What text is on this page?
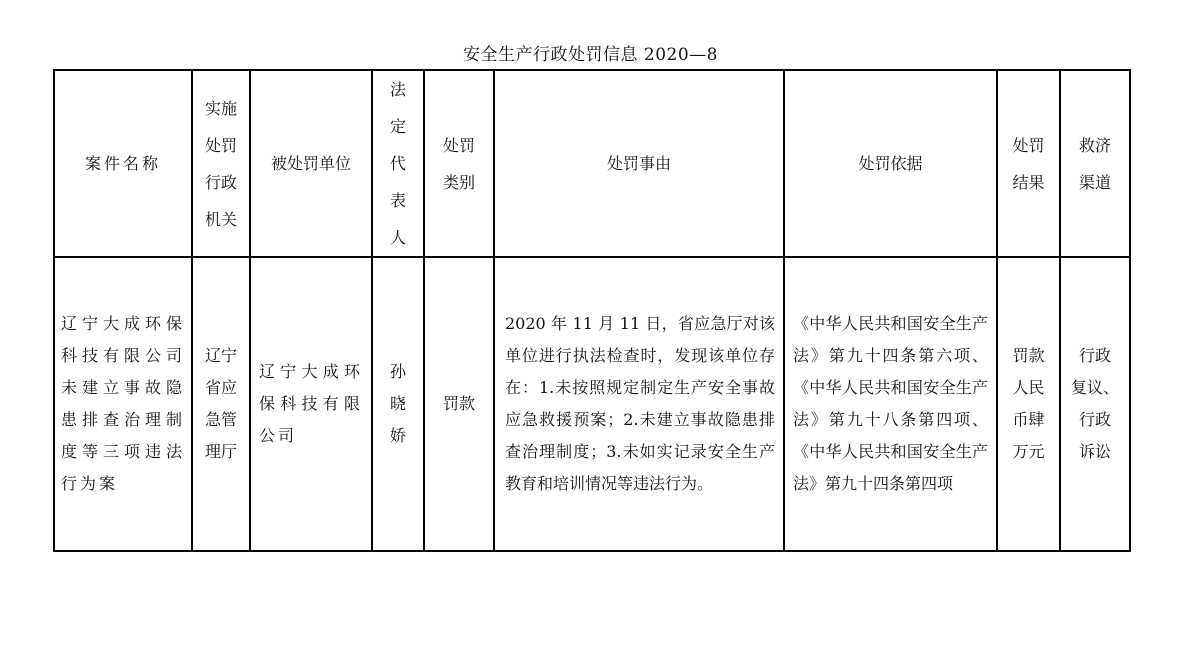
安全生产行政处罚信息 2020—8
案件名称	实施
处罚
行政
机关	被处罚单位	法
定
代
表
人	处罚
类别	处罚事由	处罚依据	处罚
结果	救济
渠道
辽宁大成环保科技有限公司未建立事故隐患排查治理制度等三项违法行为案	辽宁
省应
急管
理厅	辽宁大成环保科技有限公司	孙
晓
娇	罚款	2020 年 11 月 11 日，省应急厅对该单位进行执法检查时，发现该单位存在：1.未按照规定制定生产安全事故应急救援预案；2.未建立事故隐患排查治理制度；3.未如实记录安全生产教育和培训情况等违法行为。	《中华人民共和国安全生产法》第九十四条第六项、《中华人民共和国安全生产法》第九十八条第四项、《中华人民共和国安全生产法》第九十四条第四项	罚款
人民
币肆
万元	行政
复议、
行政
诉讼
